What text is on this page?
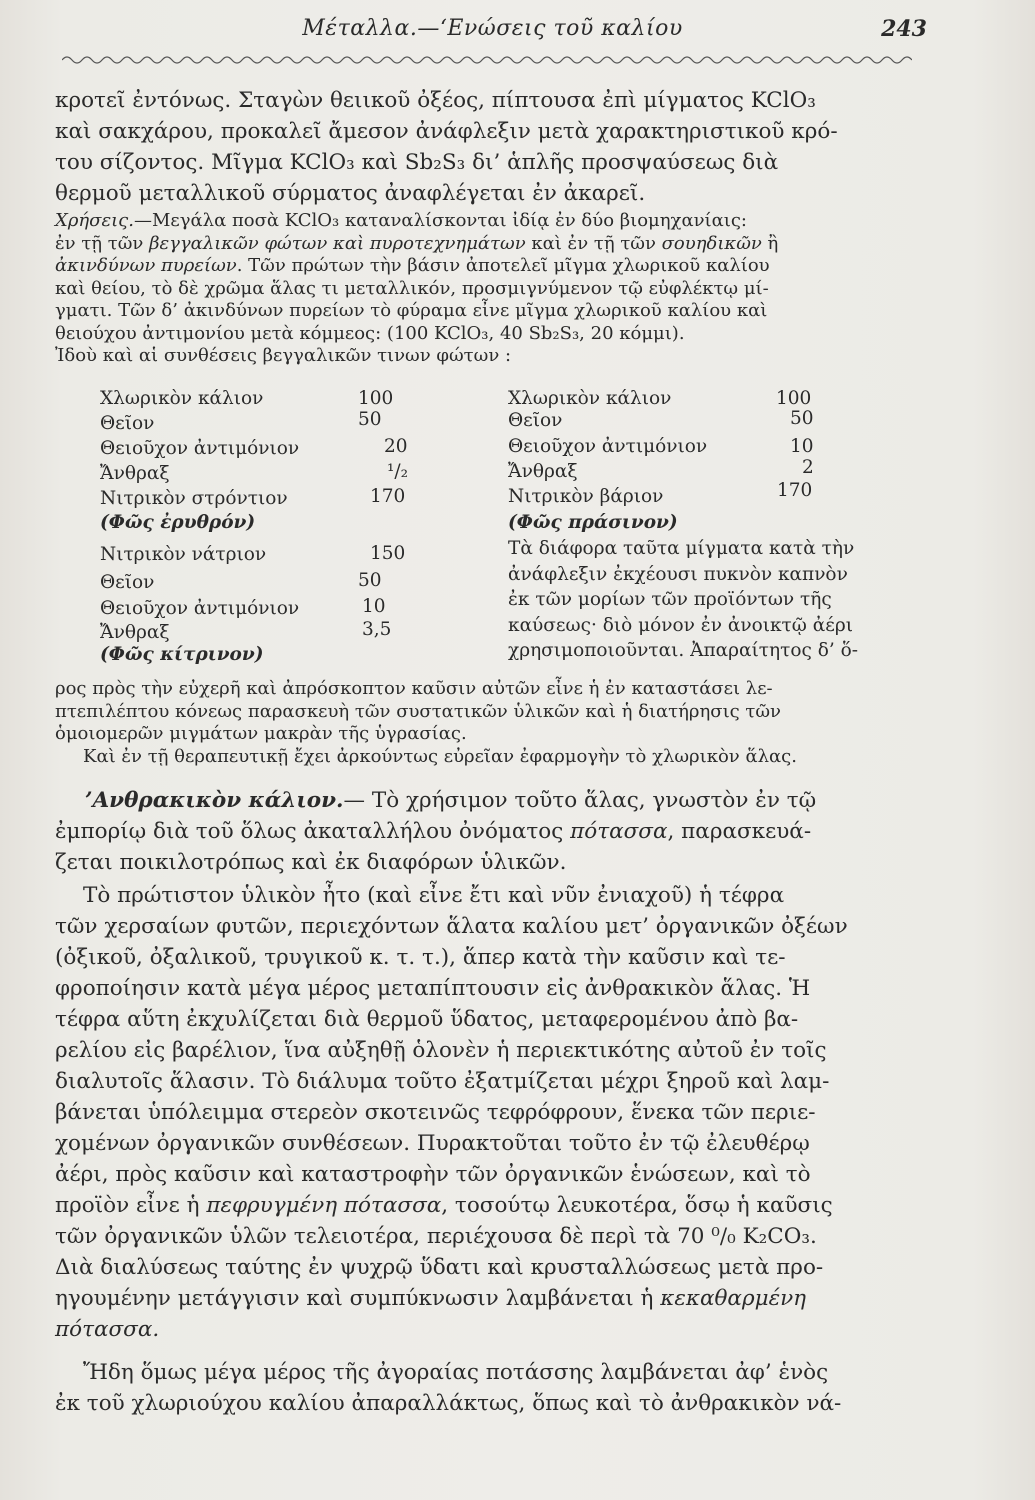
Μέταλλα.—‘Ενώσεις τοῦ καλίου	243
κροτεῖ ἐντόνως. Σταγὼν θειικοῦ ὀξέος, πίπτουσα ἐπὶ μίγματος KClO₃
καὶ σακχάρου, προκαλεῖ ἄμεσον ἀνάφλεξιν μετὰ χαρακτηριστικοῦ κρό-
του σίζοντος. Μῖγμα KClO₃ καὶ Sb₂S₃ δι’ ἁπλῆς προσψαύσεως διὰ
θερμοῦ μεταλλικοῦ σύρματος ἀναφλέγεται ἐν ἀκαρεῖ.
Χρήσεις.—Μεγάλα ποσὰ KClO₃ καταναλίσκονται ἰδίᾳ ἐν δύο βιομηχανίαις:
ἐν τῇ τῶν βεγγαλικῶν φώτων καὶ πυροτεχνημάτων καὶ ἐν τῇ τῶν σουηδικῶν ἢ
ἀκινδύνων πυρείων. Τῶν πρώτων τὴν βάσιν ἀποτελεῖ μῖγμα χλωρικοῦ καλίου
καὶ θείου, τὸ δὲ χρῶμα ἅλας τι μεταλλικόν, προσμιγνύμενον τῷ εὐφλέκτῳ μί-
γματι. Τῶν δ’ ἀκινδύνων πυρείων τὸ φύραμα εἶνε μῖγμα χλωρικοῦ καλίου καὶ
θειούχου ἀντιμονίου μετὰ κόμμεος: (100 KClO₃, 40 Sb₂S₃, 20 κόμμι).
Ἰδοὺ καὶ αἱ συνθέσεις βεγγαλικῶν τινων φώτων :
Χλωρικὸν κάλιον	100	Χλωρικὸν κάλιον	100
Θεῖον	50	Θεῖον	50
Θειοῦχον ἀντιμόνιον	20	Θειοῦχον ἀντιμόνιον	10
Ἄνθραξ	¹/₂	Ἄνθραξ	2
Νιτρικὸν στρόντιον	170	Νιτρικὸν βάριον	170
(Φῶς ἐρυθρόν)	(Φῶς πράσινον)
Νιτρικὸν νάτριον	150
Θεῖον	50
Θειοῦχον ἀντιμόνιον	10
Ἄνθραξ	3,5
(Φῶς κίτρινον)
Τὰ διάφορα ταῦτα μίγματα κατὰ τὴν
ἀνάφλεξιν ἐκχέουσι πυκνὸν καπνὸν
ἐκ τῶν μορίων τῶν προϊόντων τῆς
καύσεως· διὸ μόνον ἐν ἀνοικτῷ ἀέρι
χρησιμοποιοῦνται. Ἀπαραίτητος δ’ ὅ-
ρος πρὸς τὴν εὐχερῆ καὶ ἀπρόσκοπτον καῦσιν αὐτῶν εἶνε ἡ ἐν καταστάσει λε-
πτεπιλέπτου κόνεως παρασκευὴ τῶν συστατικῶν ὑλικῶν καὶ ἡ διατήρησις τῶν
ὁμοιομερῶν μιγμάτων μακρὰν τῆς ὑγρασίας.
Καὶ ἐν τῇ θεραπευτικῇ ἔχει ἀρκούντως εὐρεῖαν ἐφαρμογὴν τὸ χλωρικὸν ἅλας.
’Ανθρακικὸν κάλιον.— Τὸ χρήσιμον τοῦτο ἅλας, γνωστὸν ἐν τῷ
ἐμπορίῳ διὰ τοῦ ὅλως ἀκαταλλήλου ὀνόματος πότασσα, παρασκευά-
ζεται ποικιλοτρόπως καὶ ἐκ διαφόρων ὑλικῶν.
Τὸ πρώτιστον ὑλικὸν ἦτο (καὶ εἶνε ἔτι καὶ νῦν ἐνιαχοῦ) ἡ τέφρα
τῶν χερσαίων φυτῶν, περιεχόντων ἅλατα καλίου μετ’ ὀργανικῶν ὀξέων
(ὀξικοῦ, ὀξαλικοῦ, τρυγικοῦ κ. τ. τ.), ἅπερ κατὰ τὴν καῦσιν καὶ τε-
φροποίησιν κατὰ μέγα μέρος μεταπίπτουσιν εἰς ἀνθρακικὸν ἅλας. Ἡ
τέφρα αὕτη ἐκχυλίζεται διὰ θερμοῦ ὕδατος, μεταφερομένου ἀπὸ βα-
ρελίου εἰς βαρέλιον, ἵνα αὐξηθῇ ὁλονὲν ἡ περιεκτικότης αὐτοῦ ἐν τοῖς
διαλυτοῖς ἅλασιν. Τὸ διάλυμα τοῦτο ἐξατμίζεται μέχρι ξηροῦ καὶ λαμ-
βάνεται ὑπόλειμμα στερεὸν σκοτεινῶς τεφρόφρουν, ἕνεκα τῶν περιε-
χομένων ὀργανικῶν συνθέσεων. Πυρακτοῦται τοῦτο ἐν τῷ ἐλευθέρῳ
ἀέρι, πρὸς καῦσιν καὶ καταστροφὴν τῶν ὀργανικῶν ἑνώσεων, καὶ τὸ
προϊὸν εἶνε ἡ πεφρυγμένη πότασσα, τοσούτῳ λευκοτέρα, ὅσῳ ἡ καῦσις
τῶν ὀργανικῶν ὑλῶν τελειοτέρα, περιέχουσα δὲ περὶ τὰ 70 ⁰/₀ K₂CO₃.
Διὰ διαλύσεως ταύτης ἐν ψυχρῷ ὕδατι καὶ κρυσταλλώσεως μετὰ προ-
ηγουμένην μετάγγισιν καὶ συμπύκνωσιν λαμβάνεται ἡ κεκαθαρμένη
πότασσα.
Ἤδη ὅμως μέγα μέρος τῆς ἀγοραίας ποτάσσης λαμβάνεται ἀφ’ ἑνὸς
ἐκ τοῦ χλωριούχου καλίου ἀπαραλλάκτως, ὅπως καὶ τὸ ἀνθρακικὸν νά-
